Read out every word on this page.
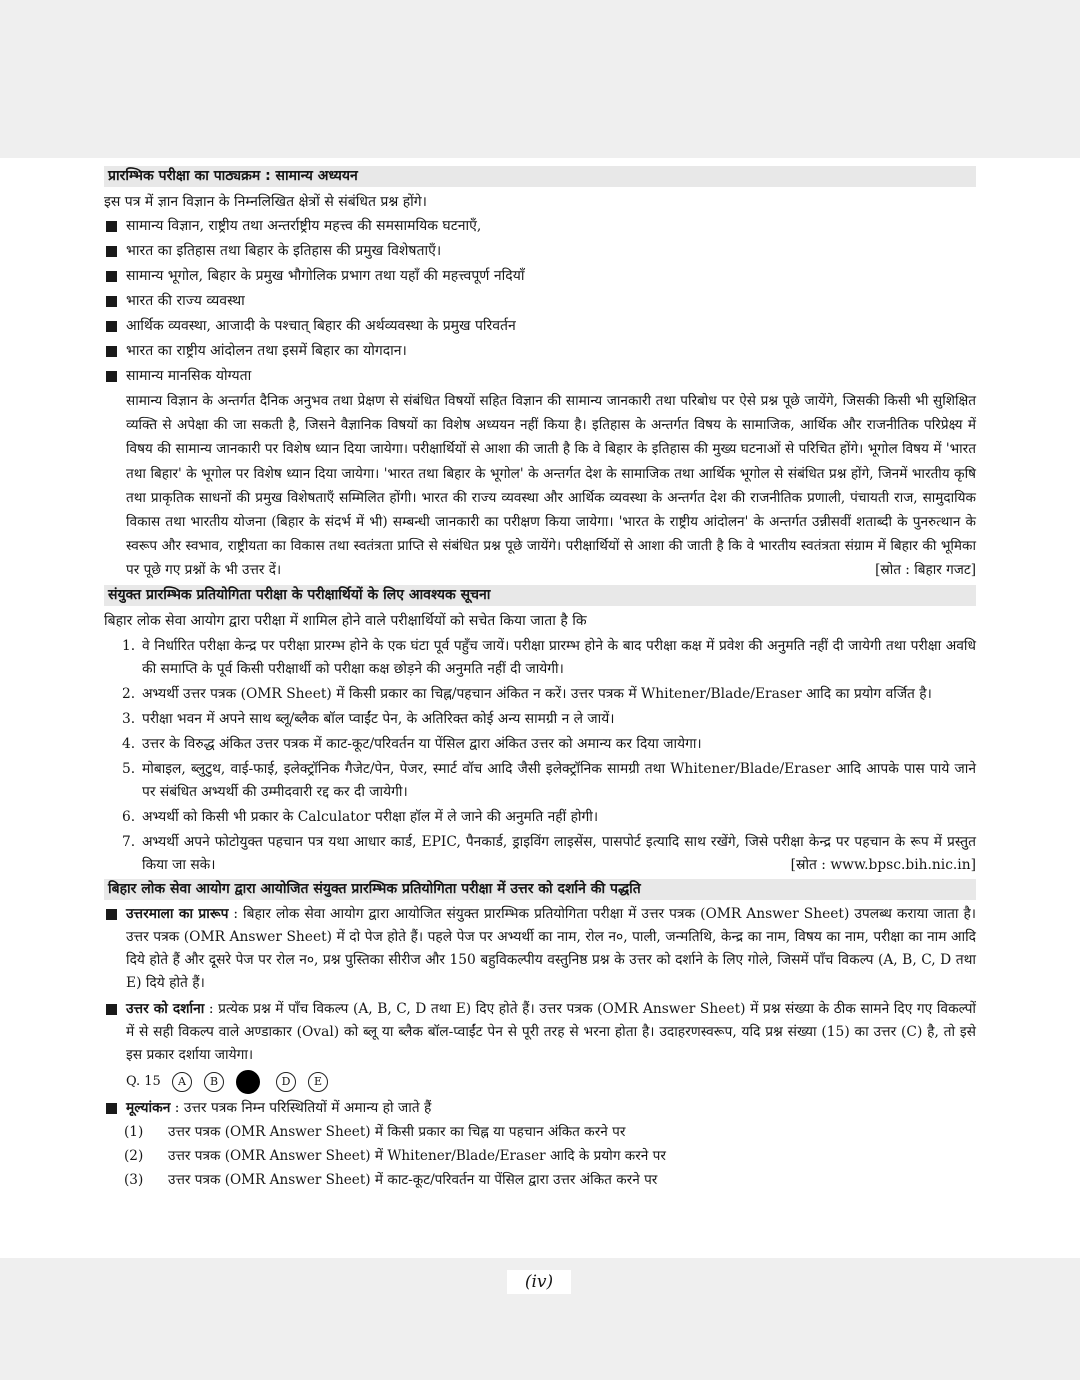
प्रारम्भिक परीक्षा का पाठ्यक्रम : सामान्य अध्ययन

इस पत्र में ज्ञान विज्ञान के निम्नलिखित क्षेत्रों से संबंधित प्रश्न होंगे।

सामान्य विज्ञान, राष्ट्रीय तथा अन्तर्राष्ट्रीय महत्त्व की समसामयिक घटनाएँ,
भारत का इतिहास तथा बिहार के इतिहास की प्रमुख विशेषताएँ।
सामान्य भूगोल, बिहार के प्रमुख भौगोलिक प्रभाग तथा यहाँ की महत्त्वपूर्ण नदियाँ
भारत की राज्य व्यवस्था
आर्थिक व्यवस्था, आजादी के पश्चात् बिहार की अर्थव्यवस्था के प्रमुख परिवर्तन
भारत का राष्ट्रीय आंदोलन तथा इसमें बिहार का योगदान।
सामान्य मानसिक योग्यता

सामान्य विज्ञान के अन्तर्गत दैनिक अनुभव तथा प्रेक्षण से संबंधित विषयों सहित विज्ञान की सामान्य जानकारी तथा परिबोध पर ऐसे प्रश्न पूछे जायेंगे, जिसकी किसी भी सुशिक्षित व्यक्ति से अपेक्षा की जा सकती है, जिसने वैज्ञानिक विषयों का विशेष अध्ययन नहीं किया है। इतिहास के अन्तर्गत विषय के सामाजिक, आर्थिक और राजनीतिक परिप्रेक्ष्य में विषय की सामान्य जानकारी पर विशेष ध्यान दिया जायेगा। परीक्षार्थियों से आशा की जाती है कि वे बिहार के इतिहास की मुख्य घटनाओं से परिचित होंगे। भूगोल विषय में 'भारत तथा बिहार' के भूगोल पर विशेष ध्यान दिया जायेगा। 'भारत तथा बिहार के भूगोल' के अन्तर्गत देश के सामाजिक तथा आर्थिक भूगोल से संबंधित प्रश्न होंगे, जिनमें भारतीय कृषि तथा प्राकृतिक साधनों की प्रमुख विशेषताएँ सम्मिलित होंगी। भारत की राज्य व्यवस्था और आर्थिक व्यवस्था के अन्तर्गत देश की राजनीतिक प्रणाली, पंचायती राज, सामुदायिक विकास तथा भारतीय योजना (बिहार के संदर्भ में भी) सम्बन्धी जानकारी का परीक्षण किया जायेगा। 'भारत के राष्ट्रीय आंदोलन' के अन्तर्गत उन्नीसवीं शताब्दी के पुनरुत्थान के स्वरूप और स्वभाव, राष्ट्रीयता का विकास तथा स्वतंत्रता प्राप्ति से संबंधित प्रश्न पूछे जायेंगे। परीक्षार्थियों से आशा की जाती है कि वे भारतीय स्वतंत्रता संग्राम में बिहार की भूमिका पर पूछे गए प्रश्नों के भी उत्तर दें।	[स्रोत : बिहार गजट]

संयुक्त प्रारम्भिक प्रतियोगिता परीक्षा के परीक्षार्थियों के लिए आवश्यक सूचना

बिहार लोक सेवा आयोग द्वारा परीक्षा में शामिल होने वाले परीक्षार्थियों को सचेत किया जाता है कि

1. वे निर्धारित परीक्षा केन्द्र पर परीक्षा प्रारम्भ होने के एक घंटा पूर्व पहुँच जायें। परीक्षा प्रारम्भ होने के बाद परीक्षा कक्ष में प्रवेश की अनुमति नहीं दी जायेगी तथा परीक्षा अवधि की समाप्ति के पूर्व किसी परीक्षार्थी को परीक्षा कक्ष छोड़ने की अनुमति नहीं दी जायेगी।
2. अभ्यर्थी उत्तर पत्रक (OMR Sheet) में किसी प्रकार का चिह्न/पहचान अंकित न करें। उत्तर पत्रक में Whitener/Blade/Eraser आदि का प्रयोग वर्जित है।
3. परीक्षा भवन में अपने साथ ब्लू/ब्लैक बॉल प्वाईंट पेन, के अतिरिक्त कोई अन्य सामग्री न ले जायें।
4. उत्तर के विरुद्ध अंकित उत्तर पत्रक में काट-कूट/परिवर्तन या पेंसिल द्वारा अंकित उत्तर को अमान्य कर दिया जायेगा।
5. मोबाइल, ब्लुटुथ, वाई-फाई, इलेक्ट्रॉनिक गैजेट/पेन, पेजर, स्मार्ट वॉच आदि जैसी इलेक्ट्रॉनिक सामग्री तथा Whitener/Blade/Eraser आदि आपके पास पाये जाने पर संबंधित अभ्यर्थी की उम्मीदवारी रद्द कर दी जायेगी।
6. अभ्यर्थी को किसी भी प्रकार के Calculator परीक्षा हॉल में ले जाने की अनुमति नहीं होगी।
7. अभ्यर्थी अपने फोटोयुक्त पहचान पत्र यथा आधार कार्ड, EPIC, पैनकार्ड, ड्राइविंग लाइसेंस, पासपोर्ट इत्यादि साथ रखेंगे, जिसे परीक्षा केन्द्र पर पहचान के रूप में प्रस्तुत किया जा सके।	[स्रोत : www.bpsc.bih.nic.in]
बिहार लोक सेवा आयोग द्वारा आयोजित संयुक्त प्रारम्भिक प्रतियोगिता परीक्षा में उत्तर को दर्शाने की पद्धति
उत्तरमाला का प्रारूप : बिहार लोक सेवा आयोग द्वारा आयोजित संयुक्त प्रारम्भिक प्रतियोगिता परीक्षा में उत्तर पत्रक (OMR Answer Sheet) उपलब्ध कराया जाता है। उत्तर पत्रक (OMR Answer Sheet) में दो पेज होते हैं। पहले पेज पर अभ्यर्थी का नाम, रोल न०, पाली, जन्मतिथि, केन्द्र का नाम, विषय का नाम, परीक्षा का नाम आदि दिये होते हैं और दूसरे पेज पर रोल न०, प्रश्न पुस्तिका सीरीज और 150 बहुविकल्पीय वस्तुनिष्ठ प्रश्न के उत्तर को दर्शाने के लिए गोले, जिसमें पाँच विकल्प (A, B, C, D तथा E) दिये होते हैं।
उत्तर को दर्शाना : प्रत्येक प्रश्न में पाँच विकल्प (A, B, C, D तथा E) दिए होते हैं। उत्तर पत्रक (OMR Answer Sheet) में प्रश्न संख्या के ठीक सामने दिए गए विकल्पों में से सही विकल्प वाले अण्डाकार (Oval) को ब्लू या ब्लैक बॉल-प्वाईंट पेन से पूरी तरह से भरना होता है। उदाहरणस्वरूप, यदि प्रश्न संख्या (15) का उत्तर (C) है, तो इसे इस प्रकार दर्शाया जायेगा।
Q. 15	A	B	C	D	E
मूल्यांकन : उत्तर पत्रक निम्न परिस्थितियों में अमान्य हो जाते हैं
(1)	उत्तर पत्रक (OMR Answer Sheet) में किसी प्रकार का चिह्न या पहचान अंकित करने पर
(2)	उत्तर पत्रक (OMR Answer Sheet) में Whitener/Blade/Eraser आदि के प्रयोग करने पर
(3)	उत्तर पत्रक (OMR Answer Sheet) में काट-कूट/परिवर्तन या पेंसिल द्वारा उत्तर अंकित करने पर
(iv)
